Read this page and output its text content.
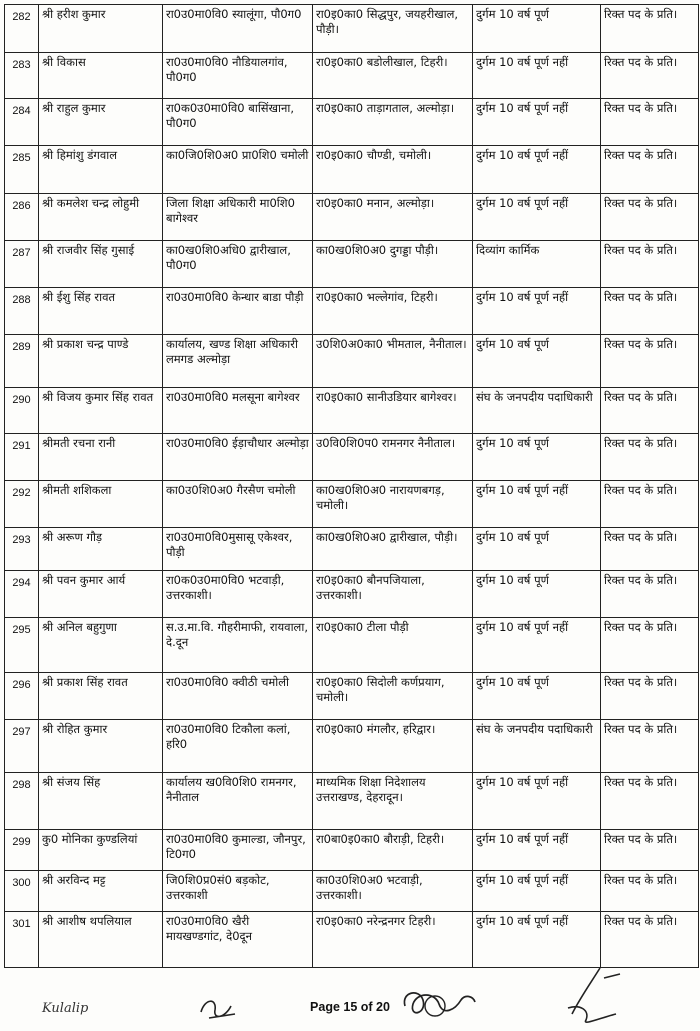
282	श्री हरीश कुमार	रा0उ0मा0वि0 स्यालूंगा, पौ0ग0	रा0इ0का0 सिद्धपुर, जयहरीखाल, पौड़ी।	दुर्गम 10 वर्ष पूर्ण	रिक्त पद के प्रति।
283	श्री विकास	रा0उ0मा0वि0 नौडियालगांव, पौ0ग0	रा0इ0का0 बडोलीखाल, टिहरी।	दुर्गम 10 वर्ष पूर्ण नहीं	रिक्त पद के प्रति।
284	श्री राहुल कुमार	रा0क0उ0मा0वि0 बासिंखाना, पौ0ग0	रा0इ0का0 ताड़ागताल, अल्मोड़ा।	दुर्गम 10 वर्ष पूर्ण नहीं	रिक्त पद के प्रति।
285	श्री हिमांशु डंगवाल	का0जि0शि0अ0 प्रा0शि0 चमोली	रा0इ0का0 चौण्डी, चमोली।	दुर्गम 10 वर्ष पूर्ण नहीं	रिक्त पद के प्रति।
286	श्री कमलेश चन्द्र लोहुमी	जिला शिक्षा अधिकारी मा0शि0 बागेश्वर	रा0इ0का0 मनान, अल्मोड़ा।	दुर्गम 10 वर्ष पूर्ण नहीं	रिक्त पद के प्रति।
287	श्री राजवीर सिंह गुसाई	का0ख0शि0अधि0 द्वारीखाल, पौ0ग0	का0ख0शि0अ0 दुगड्डा पौड़ी।	दिव्यांग कार्मिक	रिक्त पद के प्रति।
288	श्री ईशु सिंह रावत	रा0उ0मा0वि0 केन्धार बाडा पौड़ी	रा0इ0का0 भल्लेगांव, टिहरी।	दुर्गम 10 वर्ष पूर्ण नहीं	रिक्त पद के प्रति।
289	श्री प्रकाश चन्द्र पाण्डे	कार्यालय, खण्ड शिक्षा अधिकारी लमगड अल्मोड़ा	उ0शि0अ0का0 भीमताल, नैनीताल।	दुर्गम 10 वर्ष पूर्ण	रिक्त पद के प्रति।
290	श्री विजय कुमार सिंह रावत	रा0उ0मा0वि0 मलसूना बागेश्वर	रा0इ0का0 सानीउडियार बागेश्वर।	संघ के जनपदीय पदाधिकारी	रिक्त पद के प्रति।
291	श्रीमती रचना रानी	रा0उ0मा0वि0 ईड़ाचौधार अल्मोड़ा	उ0वि0शि0प0 रामनगर नैनीताल।	दुर्गम 10 वर्ष पूर्ण	रिक्त पद के प्रति।
292	श्रीमती शशिकला	का0उ0शि0अ0 गैरसैण चमोली	का0ख0शि0अ0 नारायणबगड़, चमोली।	दुर्गम 10 वर्ष पूर्ण नहीं	रिक्त पद के प्रति।
293	श्री अरूण गौड़	रा0उ0मा0वि0मुसासू एकेश्वर, पौड़ी	का0ख0शि0अ0 द्वारीखाल, पौड़ी।	दुर्गम 10 वर्ष पूर्ण	रिक्त पद के प्रति।
294	श्री पवन कुमार आर्य	रा0क0उ0मा0वि0 भटवाड़ी, उत्तरकाशी।	रा0इ0का0 बौनपजियाला, उत्तरकाशी।	दुर्गम 10 वर्ष पूर्ण	रिक्त पद के प्रति।
295	श्री अनिल बहुगुणा	स.उ.मा.वि. गौहरीमाफी, रायवाला, दे.दून	रा0इ0का0 टीला पौड़ी	दुर्गम 10 वर्ष पूर्ण नहीं	रिक्त पद के प्रति।
296	श्री प्रकाश सिंह रावत	रा0उ0मा0वि0 क्वीठी चमोली	रा0इ0का0 सिदोली कर्णप्रयाग, चमोली।	दुर्गम 10 वर्ष पूर्ण	रिक्त पद के प्रति।
297	श्री रोहित कुमार	रा0उ0मा0वि0 टिकौला कलां, हरि0	रा0इ0का0 मंगलौर, हरिद्वार।	संघ के जनपदीय पदाधिकारी	रिक्त पद के प्रति।
298	श्री संजय सिंह	कार्यालय ख0वि0शि0 रामनगर, नैनीताल	माध्यमिक शिक्षा निदेशालय उत्तराखण्ड, देहरादून।	दुर्गम 10 वर्ष पूर्ण नहीं	रिक्त पद के प्रति।
299	कु0 मोनिका कुण्डलियां	रा0उ0मा0वि0 कुमाल्डा, जौनपुर, टि0ग0	रा0बा0इ0का0 बौराड़ी, टिहरी।	दुर्गम 10 वर्ष पूर्ण नहीं	रिक्त पद के प्रति।
300	श्री अरविन्द मट्ट	जि0शि0प्र0सं0 बड़कोट, उत्तरकाशी	का0उ0शि0अ0 भटवाड़ी, उत्तरकाशी।	दुर्गम 10 वर्ष पूर्ण नहीं	रिक्त पद के प्रति।
301	श्री आशीष थपलियाल	रा0उ0मा0वि0 खैरी मायखण्डगांट, दे0दून	रा0इ0का0 नरेन्द्रनगर टिहरी।	दुर्गम 10 वर्ष पूर्ण नहीं	रिक्त पद के प्रति।
Kulalip	Page 15 of 20
